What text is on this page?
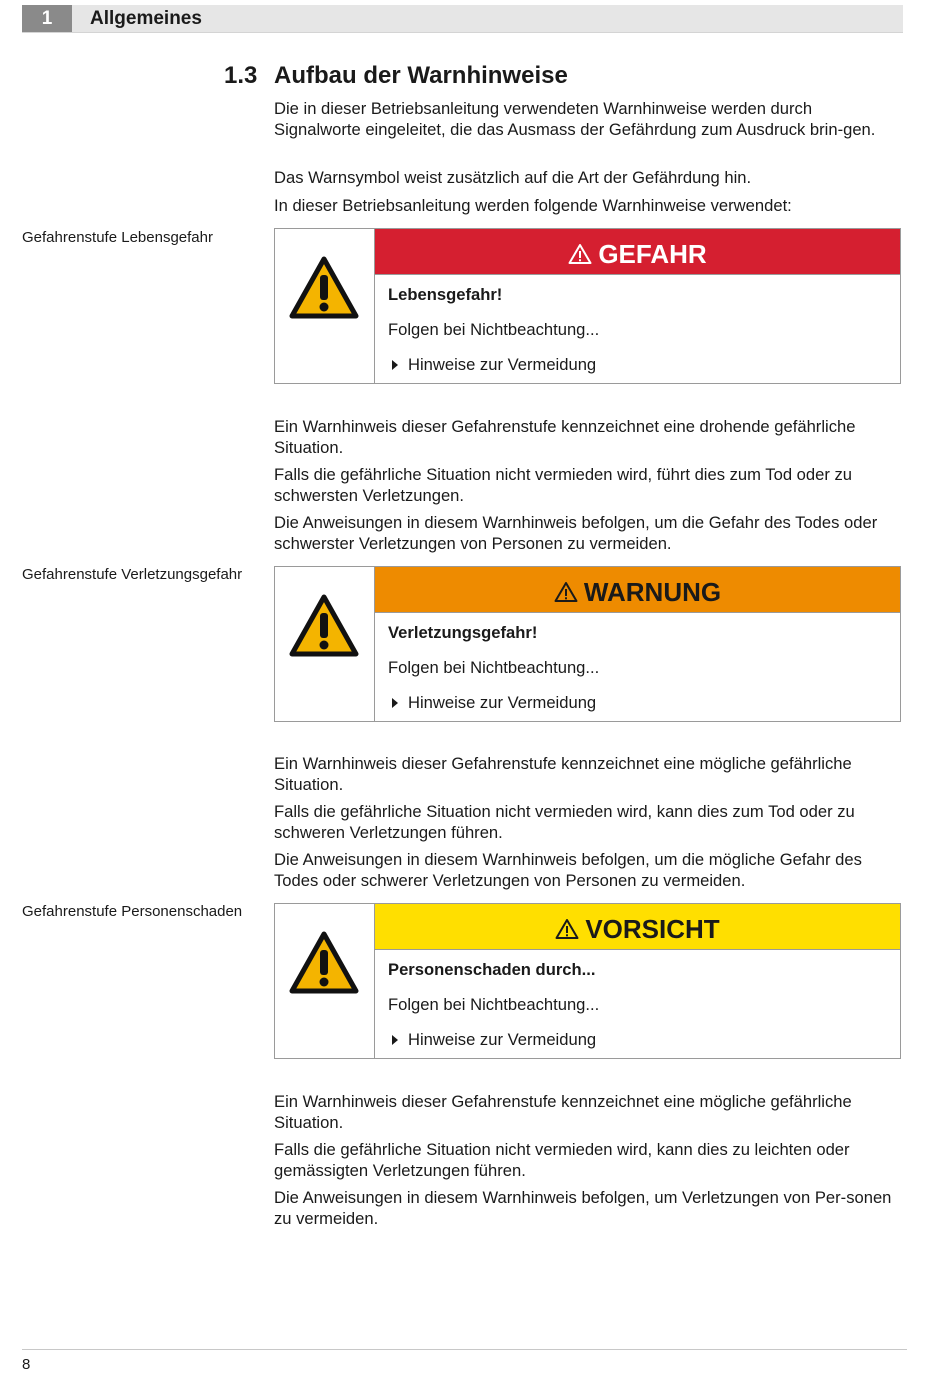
1	Allgemeines
1.3 Aufbau der Warnhinweise

Die in dieser Betriebsanleitung verwendeten Warnhinweise werden durch Signalworte eingeleitet, die das Ausmass der Gefährdung zum Ausdruck brin-gen.

Das Warnsymbol weist zusätzlich auf die Art der Gefährdung hin.

In dieser Betriebsanleitung werden folgende Warnhinweise verwendet:

Gefahrenstufe Lebensgefahr
GEFAHR
Lebensgefahr!
Folgen bei Nichtbeachtung...
Hinweise zur Vermeidung

Ein Warnhinweis dieser Gefahrenstufe kennzeichnet eine drohende gefährliche Situation.

Falls die gefährliche Situation nicht vermieden wird, führt dies zum Tod oder zu schwersten Verletzungen.

Die Anweisungen in diesem Warnhinweis befolgen, um die Gefahr des Todes oder schwerster Verletzungen von Personen zu vermeiden.

Gefahrenstufe Verletzungsgefahr
WARNUNG
Verletzungsgefahr!
Folgen bei Nichtbeachtung...
Hinweise zur Vermeidung

Ein Warnhinweis dieser Gefahrenstufe kennzeichnet eine mögliche gefährliche Situation.

Falls die gefährliche Situation nicht vermieden wird, kann dies zum Tod oder zu schweren Verletzungen führen.

Die Anweisungen in diesem Warnhinweis befolgen, um die mögliche Gefahr des Todes oder schwerer Verletzungen von Personen zu vermeiden.

Gefahrenstufe Personenschaden
VORSICHT
Personenschaden durch...
Folgen bei Nichtbeachtung...
Hinweise zur Vermeidung

Ein Warnhinweis dieser Gefahrenstufe kennzeichnet eine mögliche gefährliche Situation.

Falls die gefährliche Situation nicht vermieden wird, kann dies zu leichten oder gemässigten Verletzungen führen.

Die Anweisungen in diesem Warnhinweis befolgen, um Verletzungen von Per-sonen zu vermeiden.

8
